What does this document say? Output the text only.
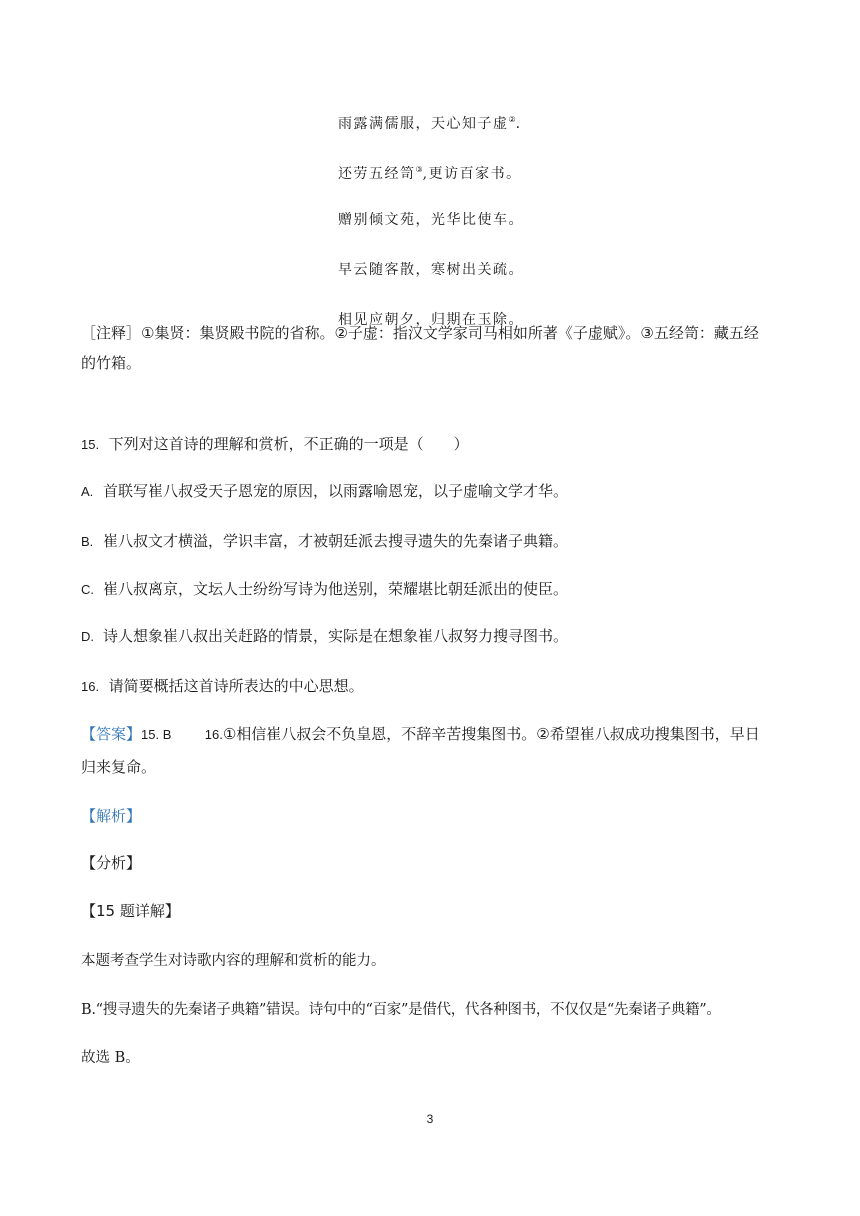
雨露满儒服，天心知子虚②.
还劳五经笥③,更访百家书。
赠别倾文苑，光华比使车。
早云随客散，寒树出关疏。
相见应朝夕，归期在玉除。
［注释］①集贤：集贤殿书院的省称。②子虚：指汉文学家司马相如所著《子虚赋》。③五经笥：藏五经
的竹箱。
15. 下列对这首诗的理解和赏析，不正确的一项是（　　）
A. 首联写崔八叔受天子恩宠的原因，以雨露喻恩宠，以子虚喻文学才华。
B. 崔八叔文才横溢，学识丰富，才被朝廷派去搜寻遗失的先秦诸子典籍。
C. 崔八叔离京，文坛人士纷纷写诗为他送别，荣耀堪比朝廷派出的使臣。
D. 诗人想象崔八叔出关赶路的情景，实际是在想象崔八叔努力搜寻图书。
16. 请简要概括这首诗所表达的中心思想。
【答案】15. B	16.①相信崔八叔会不负皇恩，不辞辛苦搜集图书。②希望崔八叔成功搜集图书，早日
归来复命。
【解析】
【分析】
【15 题详解】
本题考查学生对诗歌内容的理解和赏析的能力。
B.“搜寻遗失的先秦诸子典籍”错误。诗句中的“百家”是借代，代各种图书，不仅仅是“先秦诸子典籍”。
故选 B。
3
